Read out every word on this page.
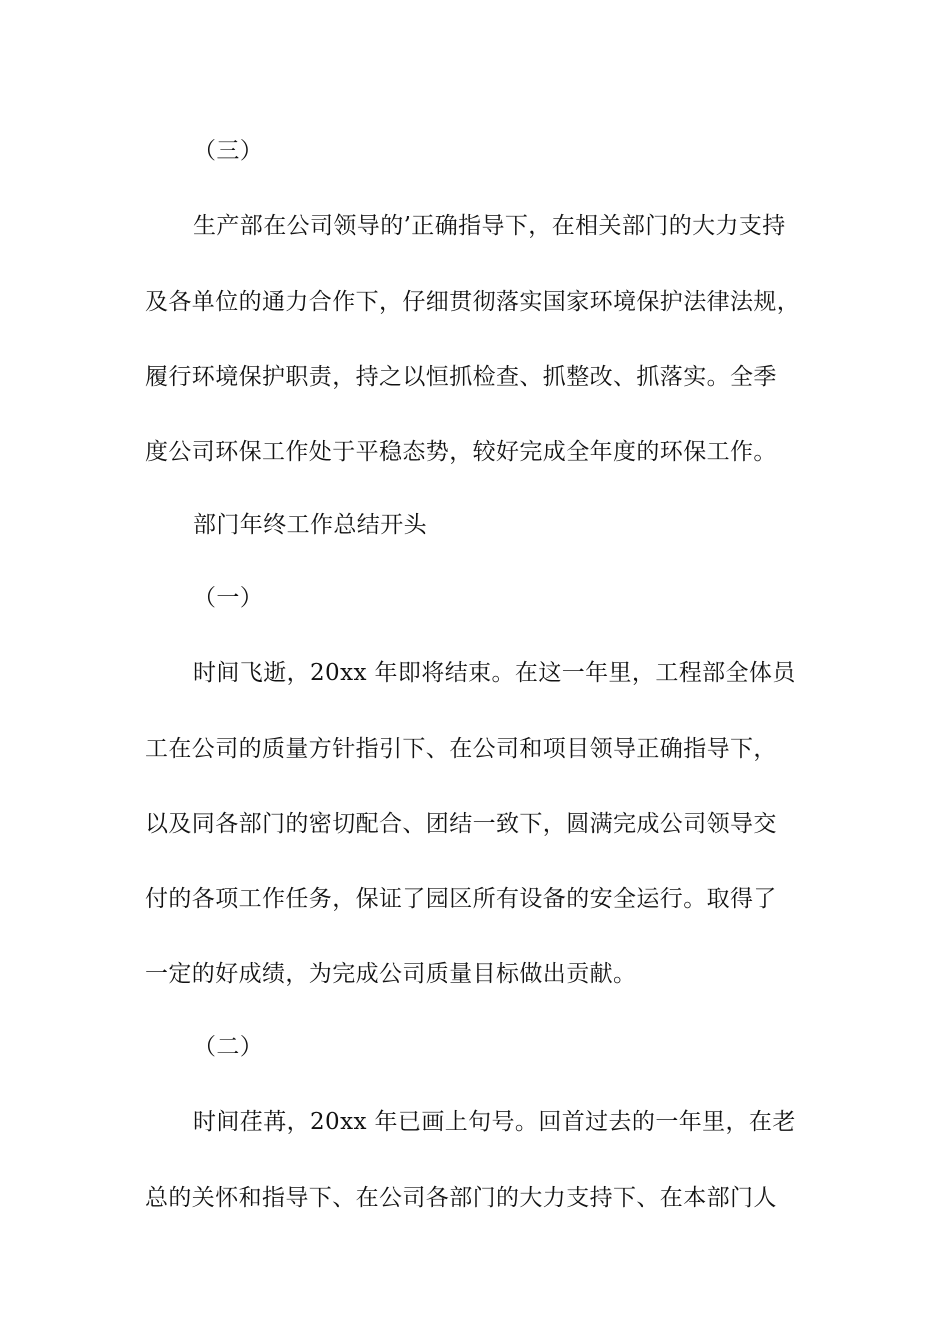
（三）
生产部在公司领导的’正确指导下，在相关部门的大力支持
及各单位的通力合作下，仔细贯彻落实国家环境保护法律法规，
履行环境保护职责，持之以恒抓检查、抓整改、抓落实。全季
度公司环保工作处于平稳态势，较好完成全年度的环保工作。
部门年终工作总结开头
（一）
时间飞逝，20xx 年即将结束。在这一年里，工程部全体员
工在公司的质量方针指引下、在公司和项目领导正确指导下，
以及同各部门的密切配合、团结一致下，圆满完成公司领导交
付的各项工作任务，保证了园区所有设备的安全运行。取得了
一定的好成绩，为完成公司质量目标做出贡献。
（二）
时间荏苒，20xx 年已画上句号。回首过去的一年里，在老
总的关怀和指导下、在公司各部门的大力支持下、在本部门人
